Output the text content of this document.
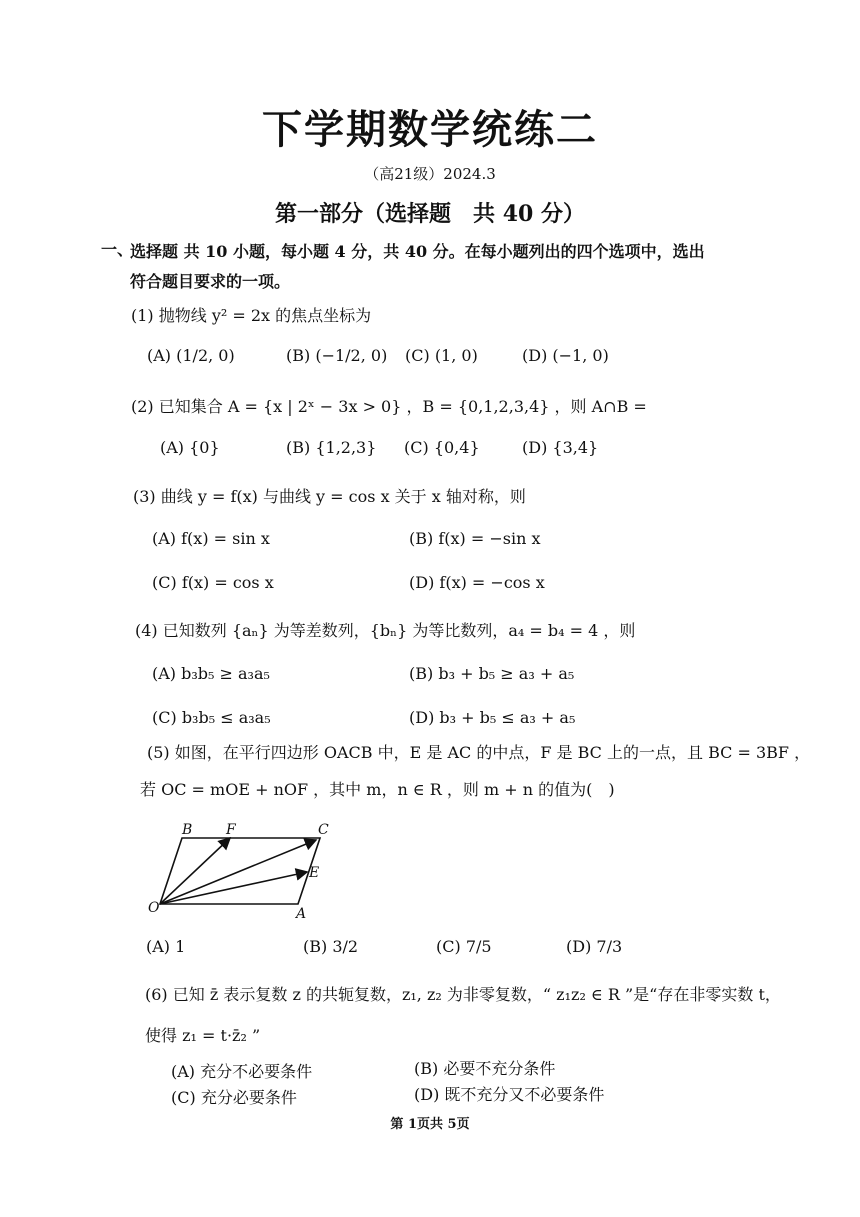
下学期数学统练二
（高21级）2024.3
第一部分（选择题　共 40 分）
一、
选择题 共 10 小题，每小题 4 分，共 40 分。在每小题列出的四个选项中，选出符合题目要求的一项。
(1) 抛物线 y² = 2x 的焦点坐标为
(A) (1/2, 0)	(B) (−1/2, 0) (C) (1, 0)	(D) (−1, 0)
(2) 已知集合 A = {x | 2ˣ − 3x > 0} ，B = {0,1,2,3,4} ，则 A∩B =
(A) {0}	(B) {1,2,3} (C) {0,4}	(D) {3,4}
(3) 曲线 y = f(x) 与曲线 y = cos x 关于 x 轴对称，则
(A) f(x) = sin x	(B) f(x) = −sin x
(C) f(x) = cos x	(D) f(x) = −cos x
(4) 已知数列 {aₙ} 为等差数列，{bₙ} 为等比数列，a₄ = b₄ = 4 ，则
(A) b₃b₅ ≥ a₃a₅	(B) b₃ + b₅ ≥ a₃ + a₅
(C) b₃b₅ ≤ a₃a₅	(D) b₃ + b₅ ≤ a₃ + a₅
(5) 如图，在平行四边形 OACB 中，E 是 AC 的中点，F 是 BC 上的一点，且 BC = 3BF ，
若 OC = mOE + nOF ，其中 m，n ∈ R ，则 m + n 的值为(　)
B F	C
E
O	A
(A) 1	(B) 3/2	(C) 7/5	(D) 7/3
(6) 已知 z̄ 表示复数 z 的共轭复数，z₁, z₂ 为非零复数，“ z₁z₂ ∈ R ”是“存在非零实数 t，
使得 z₁ = t·z̄₂ ”
(A) 充分不必要条件	(B) 必要不充分条件
(C) 充分必要条件	(D) 既不充分又不必要条件
第 1页共 5页
